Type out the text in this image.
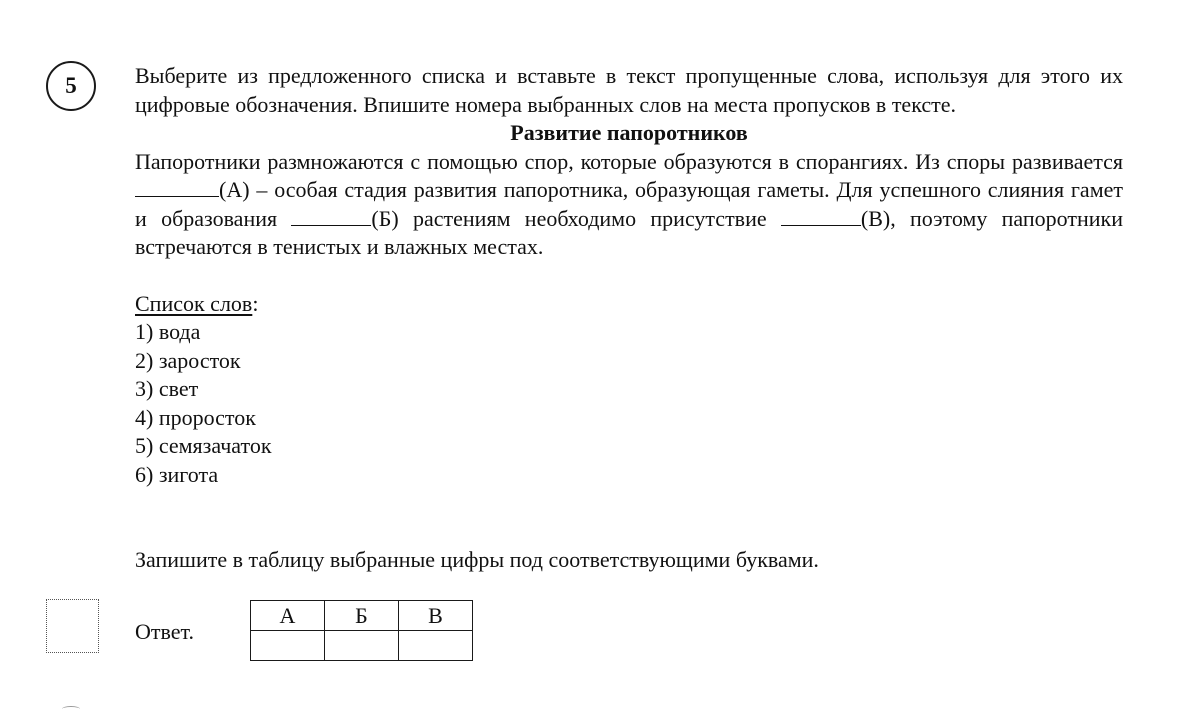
5	Выберите из предложенного списка и вставьте в текст пропущенные слова, используя для этого их цифровые обозначения. Впишите номера выбранных слов на места пропусков в тексте.

Развитие папоротников

Папоротники размножаются с помощью спор, которые образуются в спорангиях. Из споры развивается (А) – особая стадия развития папоротника, образующая гаметы. Для успешного слияния гамет и образования	(Б) растениям необходимо присутствие	(В), поэтому папоротники встречаются в тенистых и влажных местах.

Список слов:
1) вода
2) заросток
3) свет
4) проросток
5) семязачаток
6) зигота
Запишите в таблицу выбранные цифры под соответствующими буквами.
Ответ.
А	Б	В
